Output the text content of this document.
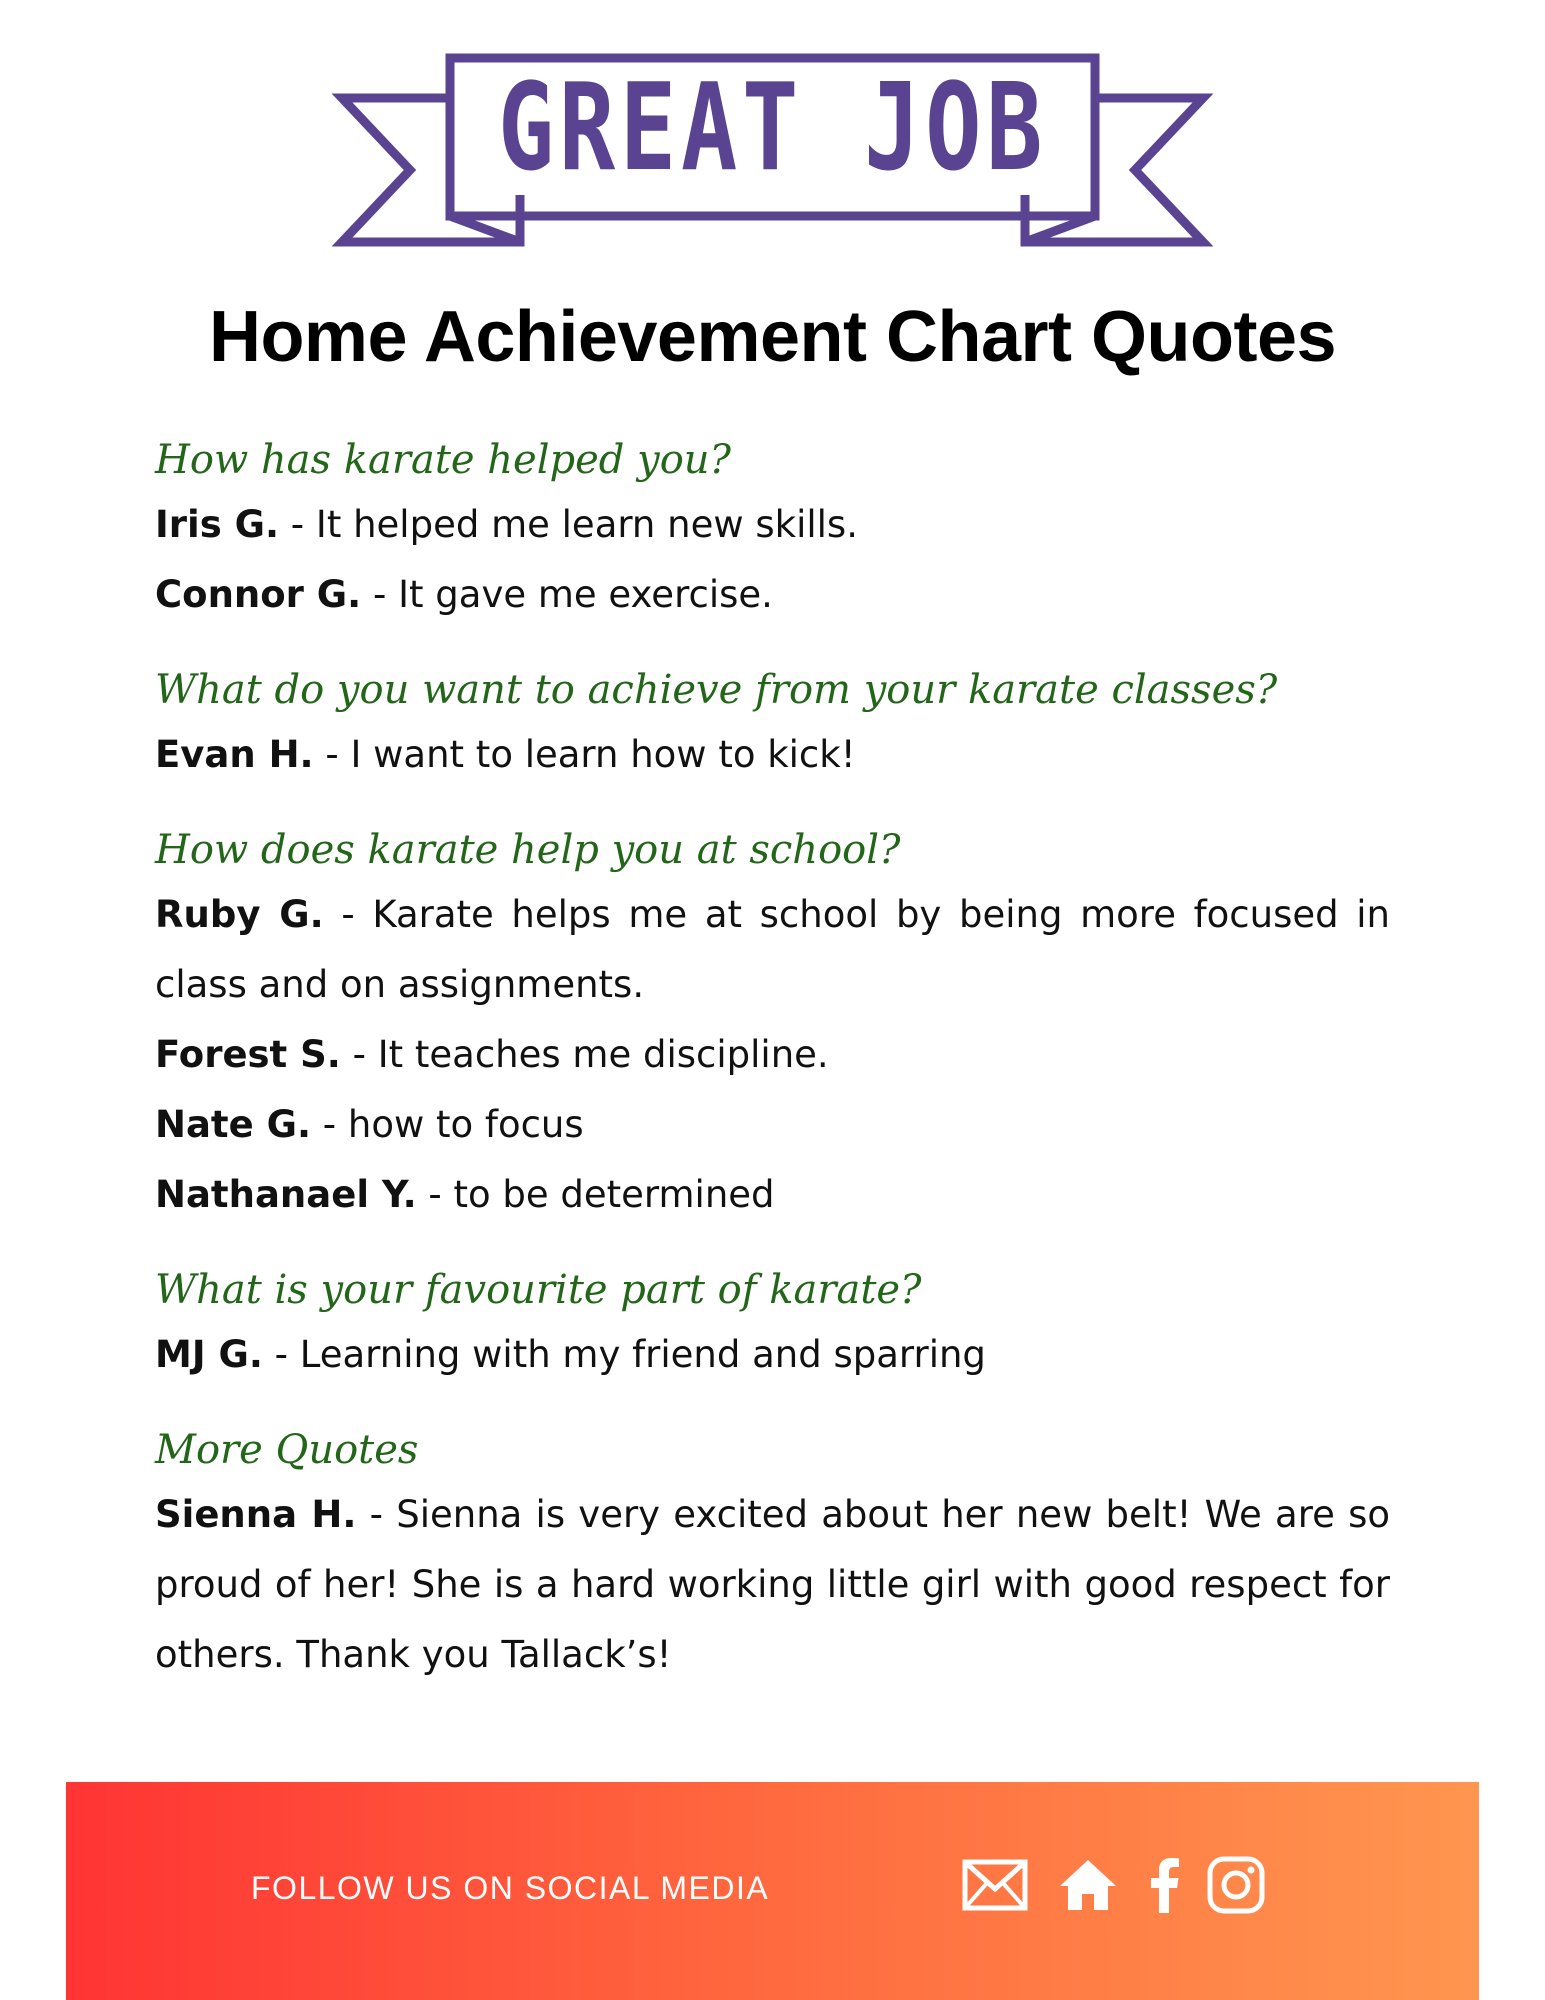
GREAT JOB
Home Achievement Chart Quotes

How has karate helped you?

Iris G. - It helped me learn new skills.

Connor G. - It gave me exercise.

What do you want to achieve from your karate classes?

Evan H. - I want to learn how to kick!

How does karate help you at school?

Ruby G. - Karate helps me at school by being more focused in class and on assignments.

Forest S. - It teaches me discipline.

Nate G. - how to focus

Nathanael Y. - to be determined

What is your favourite part of karate?

MJ G. - Learning with my friend and sparring

More Quotes

Sienna H. - Sienna is very excited about her new belt! We are so proud of her! She is a hard working little girl with good respect for others. Thank you Tallack’s!

FOLLOW US ON SOCIAL MEDIA
